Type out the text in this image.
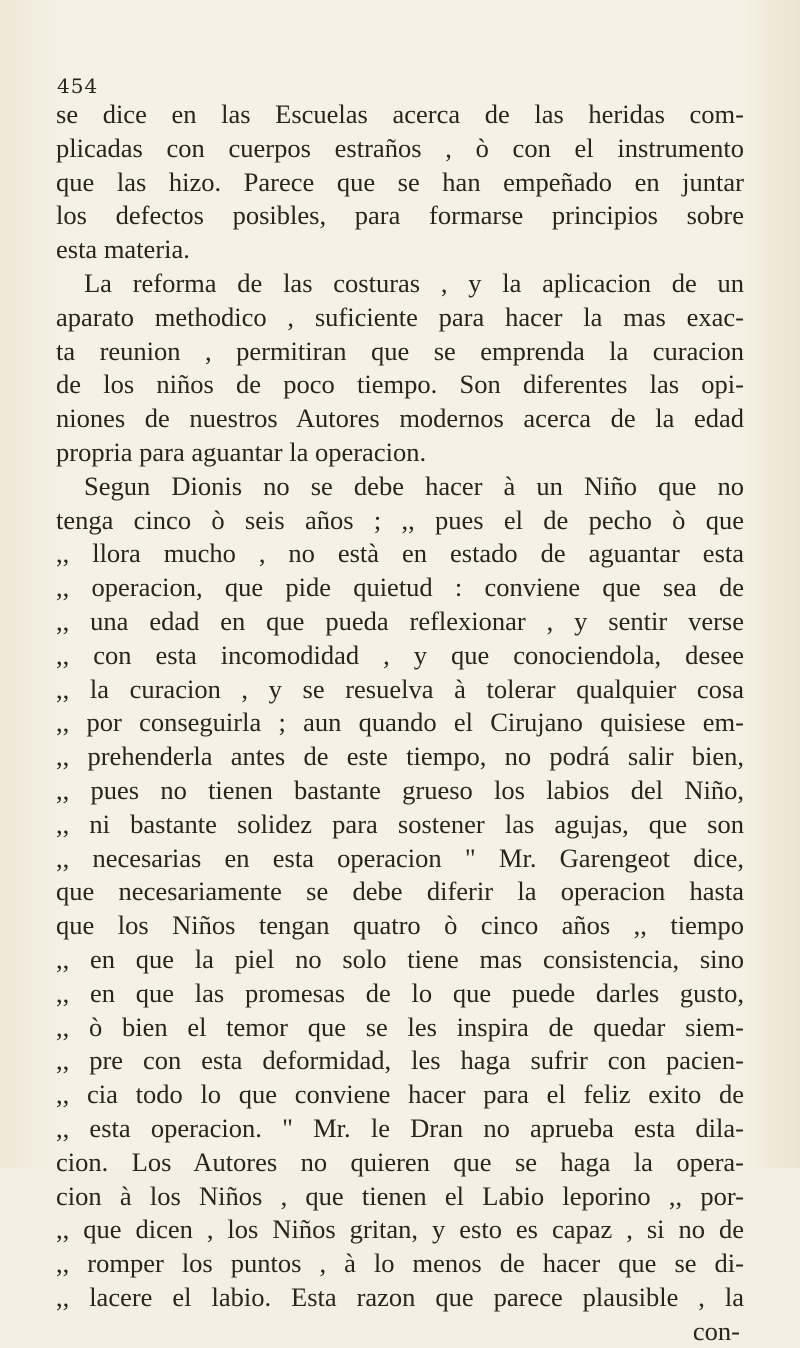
454
se dice en las Escuelas acerca de las heridas com-
plicadas con cuerpos estraños , ò con el instrumento
que las hizo. Parece que se han empeñado en juntar
los defectos posibles, para formarse principios sobre
esta materia.
La reforma de las costuras , y la aplicacion de un
aparato methodico , suficiente para hacer la mas exac-
ta reunion , permitiran que se emprenda la curacion
de los niños de poco tiempo. Son diferentes las opi-
niones de nuestros Autores modernos acerca de la edad
propria para aguantar la operacion.
Segun Dionis no se debe hacer à un Niño que no
tenga cinco ò seis años ; ,, pues el de pecho ò que
,, llora mucho , no està en estado de aguantar esta
,, operacion, que pide quietud : conviene que sea de
,, una edad en que pueda reflexionar , y sentir verse
,, con esta incomodidad , y que conociendola, desee
,, la curacion , y se resuelva à tolerar qualquier cosa
,, por conseguirla ; aun quando el Cirujano quisiese em-
,, prehenderla antes de este tiempo, no podrá salir bien,
,, pues no tienen bastante grueso los labios del Niño,
,, ni bastante solidez para sostener las agujas, que son
,, necesarias en esta operacion " Mr. Garengeot dice,
que necesariamente se debe diferir la operacion hasta
que los Niños tengan quatro ò cinco años ,, tiempo
,, en que la piel no solo tiene mas consistencia, sino
,, en que las promesas de lo que puede darles gusto,
,, ò bien el temor que se les inspira de quedar siem-
,, pre con esta deformidad, les haga sufrir con pacien-
,, cia todo lo que conviene hacer para el feliz exito de
,, esta operacion. " Mr. le Dran no aprueba esta dila-
cion. Los Autores no quieren que se haga la opera-
cion à los Niños , que tienen el Labio leporino ,, por-
,, que dicen , los Niños gritan, y esto es capaz , si no de
,, romper los puntos , à lo menos de hacer que se di-
,, lacere el labio. Esta razon que parece plausible , la
con-
